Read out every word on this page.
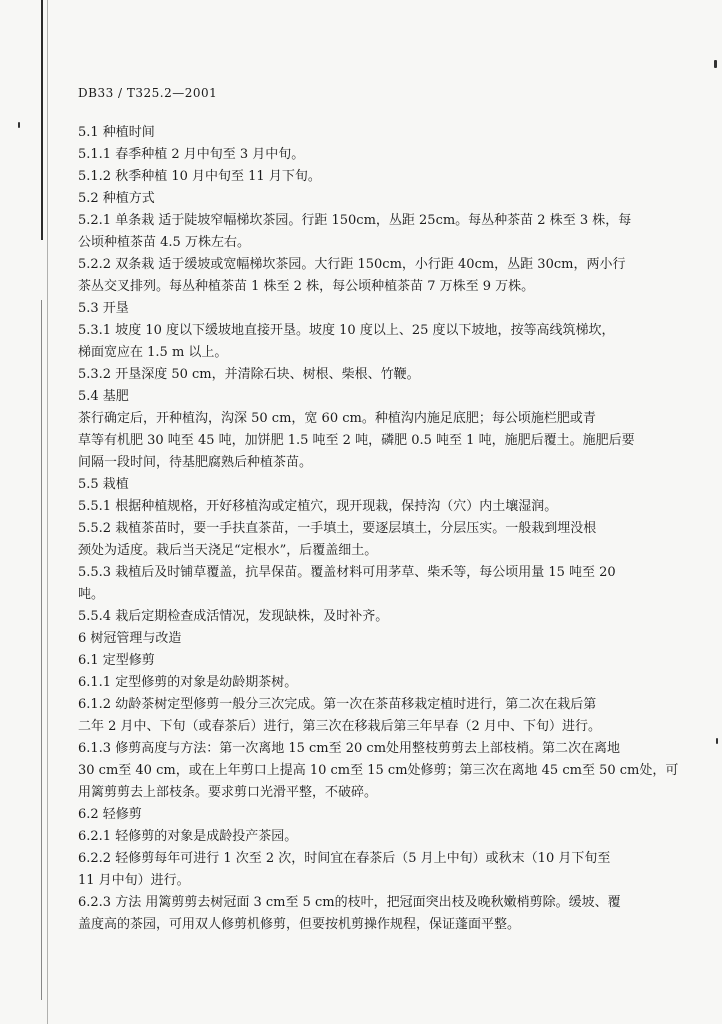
DB33 / T325.2—2001
5.1 种植时间
5.1.1 春季种植 2 月中旬至 3 月中旬。
5.1.2 秋季种植 10 月中旬至 11 月下旬。
5.2 种植方式
5.2.1 单条栽 适于陡坡窄幅梯坎茶园。行距 150cm，丛距 25cm。每丛种茶苗 2 株至 3 株，每
公顷种植茶苗 4.5 万株左右。
5.2.2 双条栽 适于缓坡或宽幅梯坎茶园。大行距 150cm，小行距 40cm，丛距 30cm，两小行
茶丛交叉排列。每丛种植茶苗 1 株至 2 株，每公顷种植茶苗 7 万株至 9 万株。
5.3 开垦
5.3.1 坡度 10 度以下缓坡地直接开垦。坡度 10 度以上、25 度以下坡地，按等高线筑梯坎，
梯面宽应在 1.5 m 以上。
5.3.2 开垦深度 50 cm，并清除石块、树根、柴根、竹鞭。
5.4 基肥
茶行确定后，开种植沟，沟深 50 cm，宽 60 cm。种植沟内施足底肥；每公顷施栏肥或青
草等有机肥 30 吨至 45 吨，加饼肥 1.5 吨至 2 吨，磷肥 0.5 吨至 1 吨，施肥后覆土。施肥后要
间隔一段时间，待基肥腐熟后种植茶苗。
5.5 栽植
5.5.1 根据种植规格，开好移植沟或定植穴，现开现栽，保持沟（穴）内土壤湿润。
5.5.2 栽植茶苗时，要一手扶直茶苗，一手填土，要逐层填土，分层压实。一般栽到埋没根
颈处为适度。栽后当天浇足“定根水”，后覆盖细土。
5.5.3 栽植后及时铺草覆盖，抗旱保苗。覆盖材料可用茅草、柴禾等，每公顷用量 15 吨至 20
吨。
5.5.4 栽后定期检查成活情况，发现缺株，及时补齐。
6 树冠管理与改造
6.1 定型修剪
6.1.1 定型修剪的对象是幼龄期茶树。
6.1.2 幼龄茶树定型修剪一般分三次完成。第一次在茶苗移栽定植时进行，第二次在栽后第
二年 2 月中、下旬（或春茶后）进行，第三次在移栽后第三年早春（2 月中、下旬）进行。
6.1.3 修剪高度与方法：第一次离地 15 cm至 20 cm处用整枝剪剪去上部枝梢。第二次在离地
30 cm至 40 cm，或在上年剪口上提高 10 cm至 15 cm处修剪；第三次在离地 45 cm至 50 cm处，可
用篱剪剪去上部枝条。要求剪口光滑平整，不破碎。
6.2 轻修剪
6.2.1 轻修剪的对象是成龄投产茶园。
6.2.2 轻修剪每年可进行 1 次至 2 次，时间宜在春茶后（5 月上中旬）或秋末（10 月下旬至
11 月中旬）进行。
6.2.3 方法 用篱剪剪去树冠面 3 cm至 5 cm的枝叶，把冠面突出枝及晚秋嫩梢剪除。缓坡、覆
盖度高的茶园，可用双人修剪机修剪，但要按机剪操作规程，保证蓬面平整。
